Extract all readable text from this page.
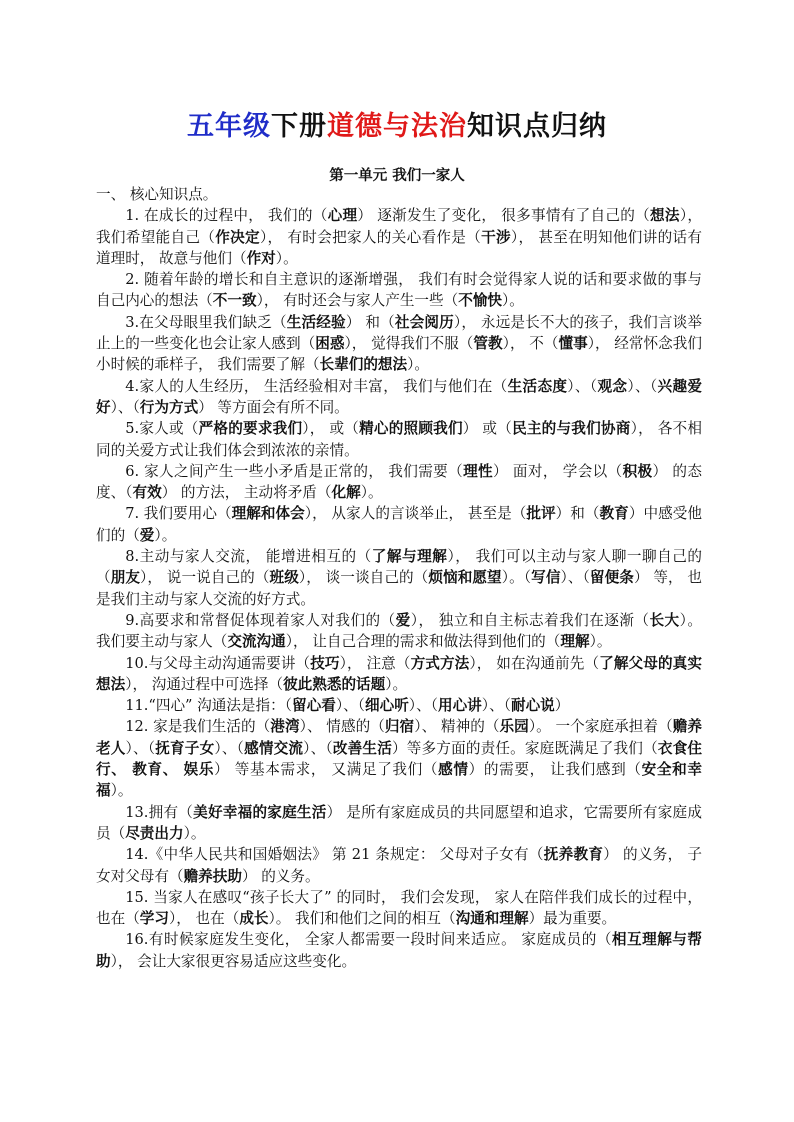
五年级下册道德与法治知识点归纳
第一单元 我们一家人

一、 核心知识点。

1. 在成长的过程中， 我们的（心理） 逐渐发生了变化， 很多事情有了自己的（想法）， 我们希望能自己（作决定）， 有时会把家人的关心看作是（干涉）， 甚至在明知他们讲的话有道理时， 故意与他们（作对）。

2. 随着年龄的增长和自主意识的逐渐增强， 我们有时会觉得家人说的话和要求做的事与自己内心的想法（不一致）， 有时还会与家人产生一些（不愉快）。

3.在父母眼里我们缺乏（生活经验） 和（社会阅历）， 永远是长不大的孩子，我们言谈举止上的一些变化也会让家人感到（困惑）， 觉得我们不服（管教）， 不（懂事）， 经常怀念我们小时候的乖样子， 我们需要了解（长辈们的想法）。

4.家人的人生经历， 生活经验相对丰富， 我们与他们在（生活态度）、（观念）、（兴趣爱好）、（行为方式） 等方面会有所不同。

5.家人或（严格的要求我们）， 或（精心的照顾我们） 或（民主的与我们协商）， 各不相同的关爱方式让我们体会到浓浓的亲情。

6. 家人之间产生一些小矛盾是正常的， 我们需要（理性） 面对， 学会以（积极） 的态度、（有效） 的方法， 主动将矛盾（化解）。

7. 我们要用心（理解和体会）， 从家人的言谈举止， 甚至是（批评）和（教育）中感受他们的（爱）。

8.主动与家人交流， 能增进相互的（了解与理解）， 我们可以主动与家人聊一聊自己的（朋友）， 说一说自己的（班级）， 谈一谈自己的（烦恼和愿望）。（写信）、（留便条） 等， 也是我们主动与家人交流的好方式。

9.高要求和常督促体现着家人对我们的（爱）， 独立和自主标志着我们在逐渐（长大）。 我们要主动与家人（交流沟通）， 让自己合理的需求和做法得到他们的（理解）。

10.与父母主动沟通需要讲（技巧）， 注意（方式方法）， 如在沟通前先（了解父母的真实想法）， 沟通过程中可选择（彼此熟悉的话题）。

11.“四心” 沟通法是指：（留心看）、（细心听）、（用心讲）、（耐心说）

12. 家是我们生活的（港湾）、 情感的（归宿）、 精神的（乐园）。 一个家庭承担着（赡养老人）、（抚育子女）、（感情交流）、（改善生活）等多方面的责任。家庭既满足了我们（衣食住行、 教育、 娱乐） 等基本需求， 又满足了我们（感情）的需要， 让我们感到（安全和幸福）。

13.拥有（美好幸福的家庭生活） 是所有家庭成员的共同愿望和追求，它需要所有家庭成员（尽责出力）。

14.《中华人民共和国婚姻法》 第 21 条规定： 父母对子女有（抚养教育） 的义务， 子女对父母有（赡养扶助） 的义务。

15. 当家人在感叹“孩子长大了” 的同时， 我们会发现， 家人在陪伴我们成长的过程中， 也在（学习）， 也在（成长）。 我们和他们之间的相互（沟通和理解）最为重要。

16.有时候家庭发生变化， 全家人都需要一段时间来适应。 家庭成员的（相互理解与帮助）， 会让大家很更容易适应这些变化。
